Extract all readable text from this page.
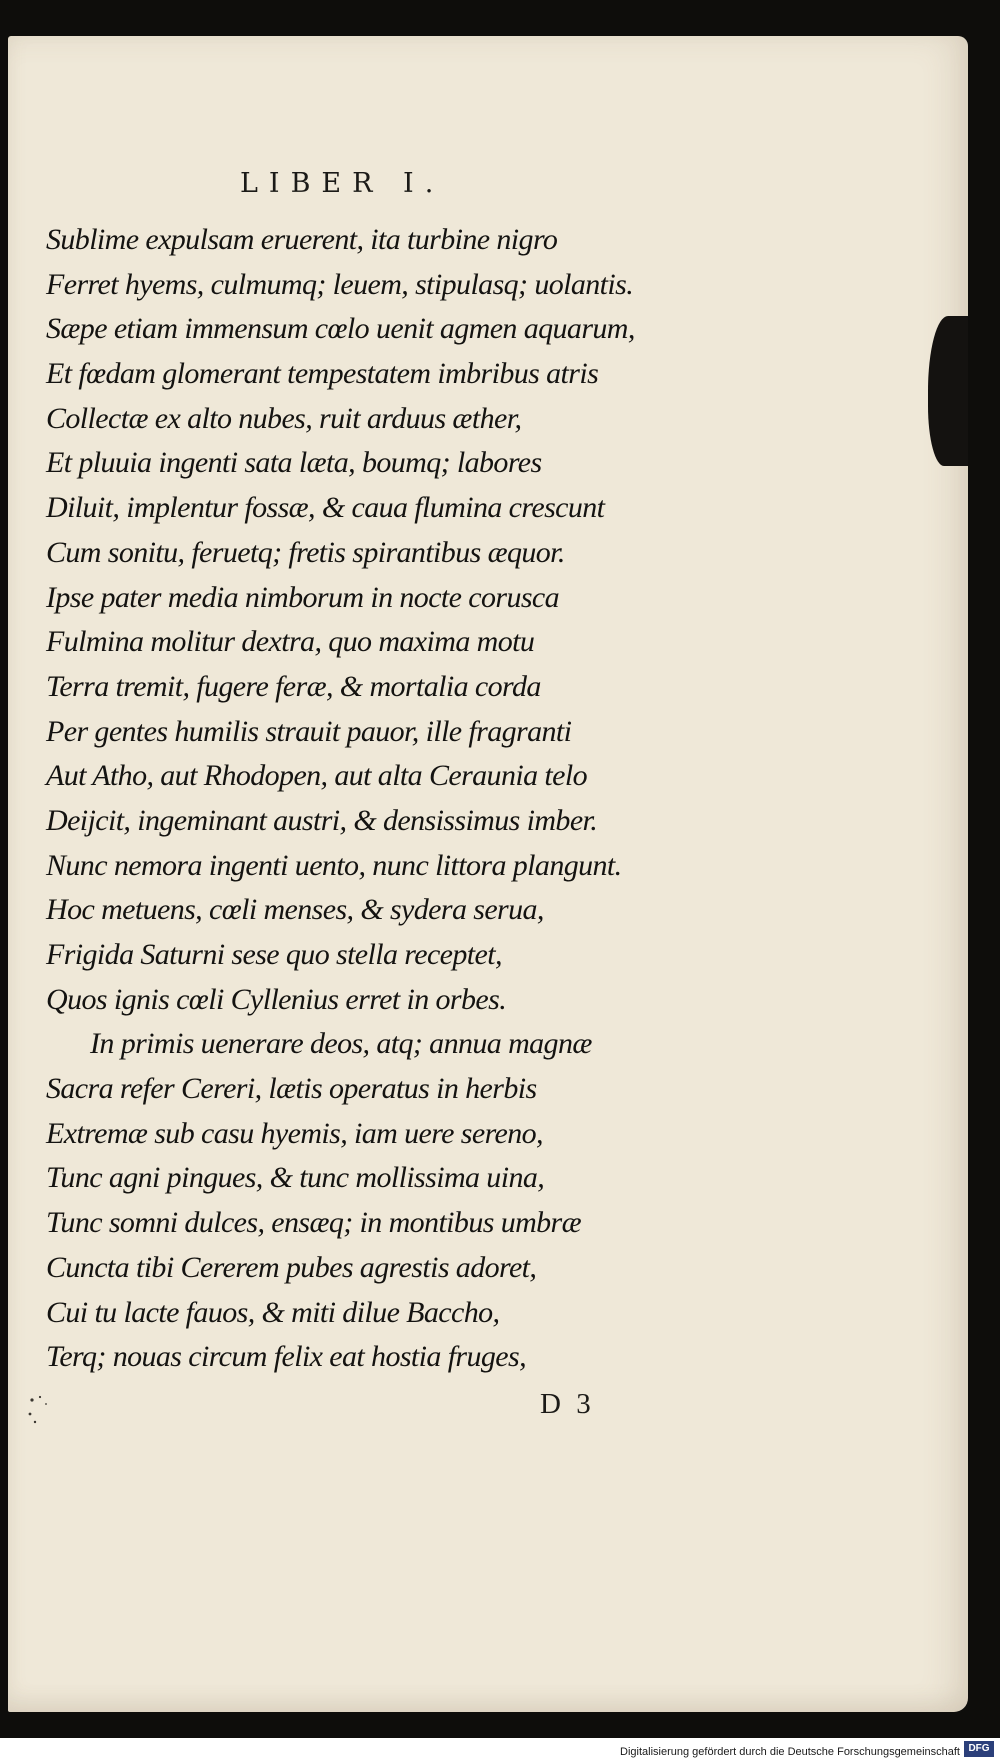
LIBER I.
Sublime expulsam eruerent, ita turbine nigro
Ferret hyems, culmumq; leuem, stipulasq; uolantis.
Sæpe etiam immensum cœlo uenit agmen aquarum,
Et fœdam glomerant tempestatem imbribus atris
Collectæ ex alto nubes, ruit arduus æther,
Et pluuia ingenti sata læta, boumq; labores
Diluit, implentur fossæ, & caua flumina crescunt
Cum sonitu, feruetq; fretis spirantibus æquor.
Ipse pater media nimborum in nocte corusca
Fulmina molitur dextra, quo maxima motu
Terra tremit, fugere feræ, & mortalia corda
Per gentes humilis strauit pauor, ille fragranti
Aut Atho, aut Rhodopen, aut alta Ceraunia telo
Deijcit, ingeminant austri, & densissimus imber.
Nunc nemora ingenti uento, nunc littora plangunt.
Hoc metuens, cœli menses, & sydera serua,
Frigida Saturni sese quo stella receptet,
Quos ignis cœli Cyllenius erret in orbes.
In primis uenerare deos, atq; annua magnæ
Sacra refer Cereri, lætis operatus in herbis
Extremæ sub casu hyemis, iam uere sereno,
Tunc agni pingues, & tunc mollissima uina,
Tunc somni dulces, ensæq; in montibus umbræ
Cuncta tibi Cererem pubes agrestis adoret,
Cui tu lacte fauos, & miti dilue Baccho,
Terq; nouas circum felix eat hostia fruges,
D 3
Digitalisierung gefördert durch die Deutsche Forschungsgemeinschaft DFG
